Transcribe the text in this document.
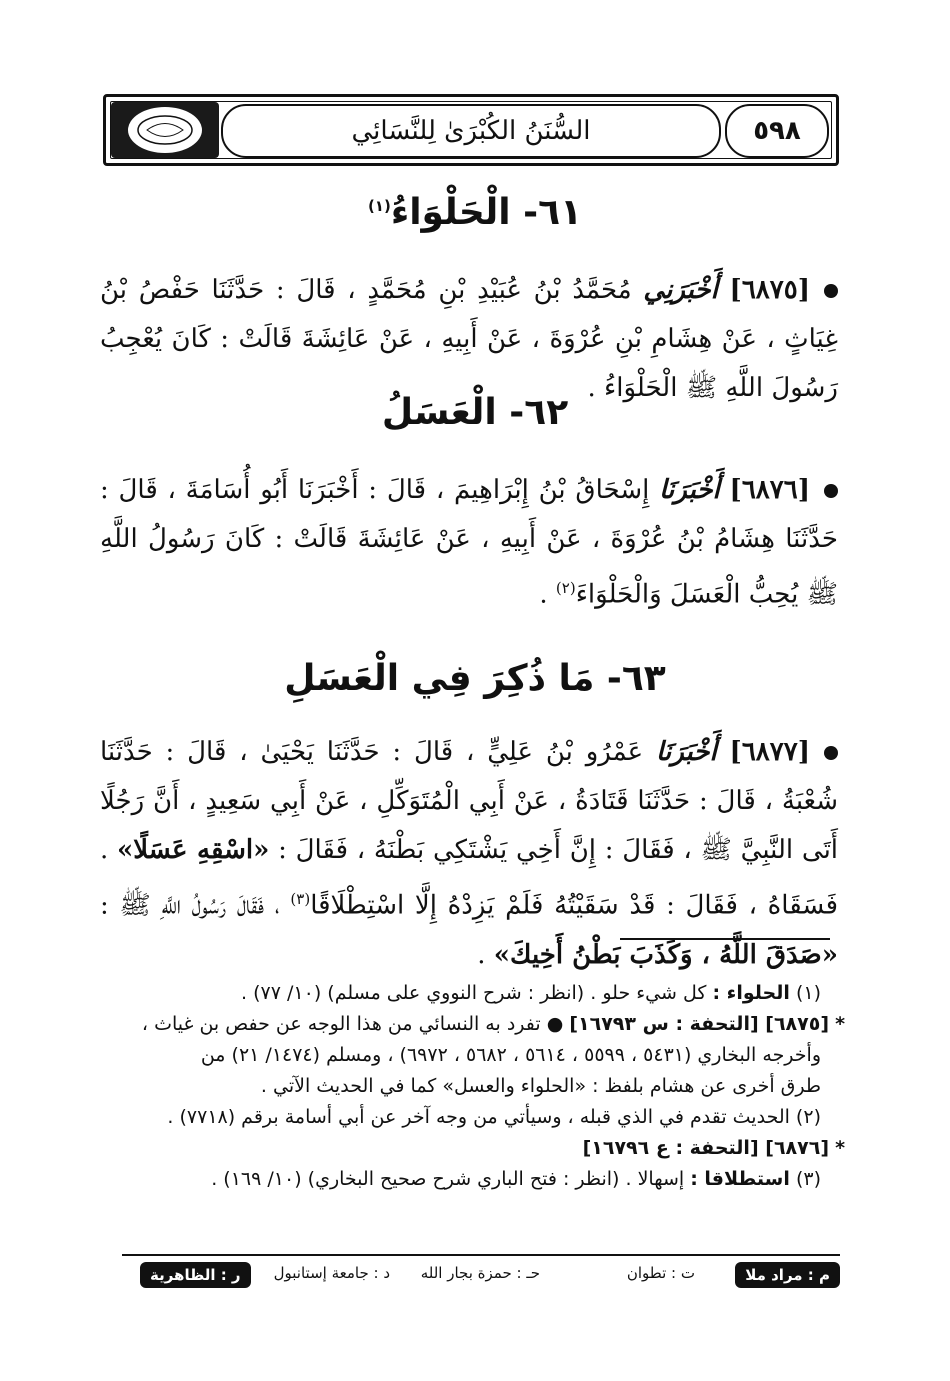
السُّنَنُ الكُبْرَىٰ لِلنَّسَائِي	٥٩٨
٦١- الْحَلْوَاءُ$^{(١)}$
[٦٨٧٥] أَخْبَرَنِي مُحَمَّدُ بْنُ عُبَيْدِ بْنِ مُحَمَّدٍ ، قَالَ : حَدَّثَنَا حَفْصُ بْنُ غِيَاثٍ ، عَنْ هِشَامِ بْنِ عُرْوَةَ ، عَنْ أَبِيهِ ، عَنْ عَائِشَةَ قَالَتْ : كَانَ يُعْجِبُ رَسُولَ اللَّهِ ﷺ الْحَلْوَاءُ .
٦٢- الْعَسَلُ
[٦٨٧٦] أَخْبَرَنَا إِسْحَاقُ بْنُ إِبْرَاهِيمَ ، قَالَ : أَخْبَرَنَا أَبُو أُسَامَةَ ، قَالَ : حَدَّثَنَا هِشَامُ بْنُ عُرْوَةَ ، عَنْ أَبِيهِ ، عَنْ عَائِشَةَ قَالَتْ : كَانَ رَسُولُ اللَّهِ ﷺ يُحِبُّ الْعَسَلَ وَالْحَلْوَاءَ$^{(٢)}$ .
٦٣- مَا ذُكِرَ فِي الْعَسَلِ
[٦٨٧٧] أَخْبَرَنَا عَمْرُو بْنُ عَلِيٍّ ، قَالَ : حَدَّثَنَا يَحْيَىٰ ، قَالَ : حَدَّثَنَا شُعْبَةُ ، قَالَ : حَدَّثَنَا قَتَادَةُ ، عَنْ أَبِي الْمُتَوَكِّلِ ، عَنْ أَبِي سَعِيدٍ ، أَنَّ رَجُلًا أَتَى النَّبِيَّ ﷺ ، فَقَالَ : إِنَّ أَخِي يَشْتَكِي بَطْنَهُ ، فَقَالَ : «اسْقِهِ عَسَلًا» . فَسَقَاهُ ، فَقَالَ : قَدْ سَقَيْتُهُ فَلَمْ يَزِدْهُ إِلَّا اسْتِطْلَاقًا$^{(٣)}$ ، فَقَالَ رَسُولُ اللَّهِ ﷺ : «صَدَقَ اللَّهُ ، وَكَذَبَ بَطْنُ أَخِيكَ» .

(١) الحلواء : كل شيء حلو . (انظر : شرح النووي على مسلم) (١٠/ ٧٧) .

* [٦٨٧٥] [التحفة : س ١٦٧٩٣] ● تفرد به النسائي من هذا الوجه عن حفص بن غياث ،

وأخرجه البخاري (٥٤٣١ ، ٥٥٩٩ ، ٥٦١٤ ، ٥٦٨٢ ، ٦٩٧٢) ، ومسلم (١٤٧٤/ ٢١) من

طرق أخرى عن هشام بلفظ : «الحلواء والعسل» كما في الحديث الآتي .

(٢) الحديث تقدم في الذي قبله ، وسيأتي من وجه آخر عن أبي أسامة برقم (٧٧١٨) .

* [٦٨٧٦] [التحفة : ع ١٦٧٩٦]

(٣) استطلاقا : إسهالا . (انظر : فتح الباري شرح صحيح البخاري) (١٠/ ١٦٩) .

م : مراد ملا
ت : تطوان
حـ : حمزة بجار الله
د : جامعة إستانبول
ر : الظاهرية
